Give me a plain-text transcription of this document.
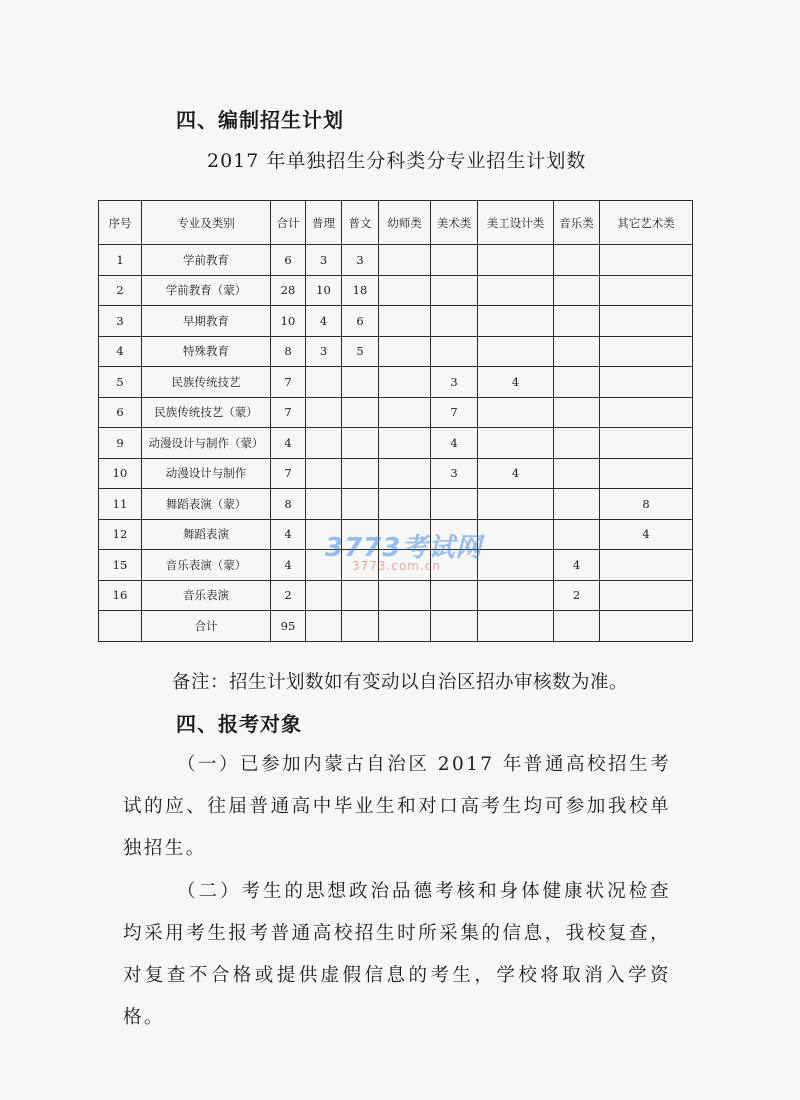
四、编制招生计划
2017 年单独招生分科类分专业招生计划数
序号	专业及类别	合计	普理	普文	幼师类	美术类	美工设计类	音乐类	其它艺术类
1	学前教育	6	3	3					
2	学前教育（蒙）	28	10	18					
3	早期教育	10	4	6					
4	特殊教育	8	3	5					
5	民族传统技艺	7				3	4		
6	民族传统技艺（蒙）	7				7			
9	动漫设计与制作（蒙）	4				4			
10	动漫设计与制作	7				3	4		
11	舞蹈表演（蒙）	8							8
12	舞蹈表演	4							4
15	音乐表演（蒙）	4						4	
16	音乐表演	2						2	
	合计	95							
3773考试网
3773.com.cn
备注：招生计划数如有变动以自治区招办审核数为准。
四、报考对象
（一）已参加内蒙古自治区 2017 年普通高校招生考试的应、往届普通高中毕业生和对口高考生均可参加我校单独招生。
（二）考生的思想政治品德考核和身体健康状况检查均采用考生报考普通高校招生时所采集的信息，我校复查，对复查不合格或提供虚假信息的考生，学校将取消入学资格。
